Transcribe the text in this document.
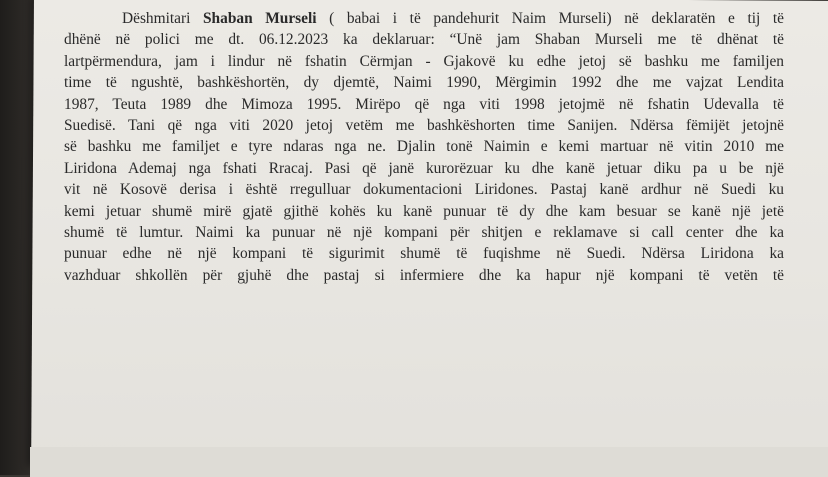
Dëshmitari Shaban Murseli ( babai i të pandehurit Naim Murseli) në deklaratën e tij të
dhënë në polici me dt. 06.12.2023 ka deklaruar: “Unë jam Shaban Murseli me të dhënat të
lartpërmendura, jam i lindur në fshatin Cërmjan - Gjakovë ku edhe jetoj së bashku me familjen
time të ngushtë, bashkëshortën, dy djemtë, Naimi 1990, Mërgimin 1992 dhe me vajzat Lendita
1987, Teuta 1989 dhe Mimoza 1995. Mirëpo që nga viti 1998 jetojmë në fshatin Udevalla të
Suedisë. Tani që nga viti 2020 jetoj vetëm me bashkëshorten time Sanijen. Ndërsa fëmijët jetojnë
së bashku me familjet e tyre ndaras nga ne. Djalin tonë Naimin e kemi martuar në vitin 2010 me
Liridona Ademaj nga fshati Rracaj. Pasi që janë kurorëzuar ku dhe kanë jetuar diku pa u be një
vit në Kosovë derisa i është rregulluar dokumentacioni Liridones. Pastaj kanë ardhur në Suedi ku
kemi jetuar shumë mirë gjatë gjithë kohës ku kanë punuar të dy dhe kam besuar se kanë një jetë
shumë të lumtur. Naimi ka punuar në një kompani për shitjen e reklamave si call center dhe ka
punuar edhe në një kompani të sigurimit shumë të fuqishme në Suedi. Ndërsa Liridona ka
vazhduar shkollën për gjuhë dhe pastaj si infermiere dhe ka hapur një kompani të vetën të
